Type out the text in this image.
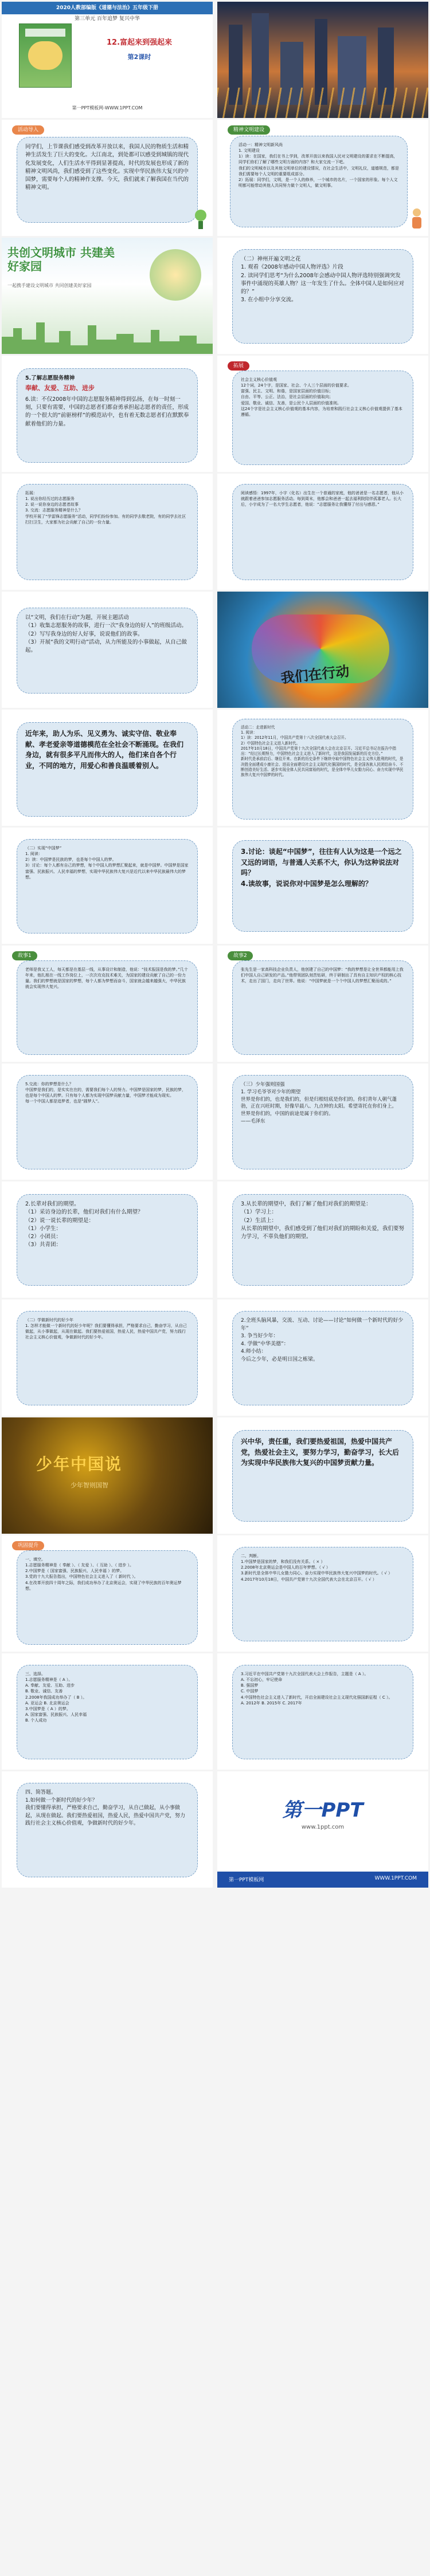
2020人教部编版《道德与法治》五年级下册
第三单元 百年追梦 复兴中华
12.富起来到强起来
第2课时
第一PPT模板网-WWW.1PPT.COM
活动导入
同学们，上节课我们感受到改革开放以来，我国人民的物质生活和精神生活发生了巨大的变化。大江南北，到处都可以感受到城镇的现代化发展变化，人们生活水平得到显著提高，时代的发展也形成了新的精神文明风尚，我们感受到了这些变化。实现中华民族伟大复兴的中国梦，需要每个人的精神作支撑。今天，我们就来了解我国在当代的精神文明。
精神文明建设
活动一：精神文明新风尚
1. 文明建设
1）读：在国家，我们在书上学到，改革开放以来我国人民对文明建设的要求在不断提高，同学们你们了解了哪些文明方面的内容？和大家交流一下吧。
我们的文明城市以及其他文明单位的建设情况，在社会生活中，文明礼仪，道德规范，都是我们需要每个人文明的重要组成部分。
2）拓展：同学们，文明，是一个人的修养，一个城市的名片，一个国家的形象。每个人文明都可能带动其他人共同努力做个文明人，做文明事。
共创文明城市 共建美好家园
一起携手建设文明城市 共同创建美好家园
（二）神州开遍文明之花
1. 观看《2008年感动中国人物评选》片段
2. 读同学们思考“为什么2008年会感动中国人物评选特别强调突发事件中涌现的英雄人物？这一年发生了什么。全体中国人是如何应对的？”
3. 在小组中分享交流。
5.了解志愿服务精神
奉献、友爱、互助、进步
6.读：不仅2008年中国的志愿服务精神得到弘扬，在每一时刻一刻，只要有需要，中国的志愿者们都奋勇承担起志愿者的责任，形成的一个很大的“前驱榜样”的模范站中，也有着无数志愿者们在默默奉献着他们的力量。
拓展
社会主义核心价值观
12个词，24个字，是国家、社会、个人三个层面的价值要求。
富强、民主、文明、和谐，是国家层面的价值目标；
自由、平等、公正、法治，是社会层面的价值取向；
爱国、敬业、诚信、友善，是公民个人层面的价值准则。
这24个字是社会主义核心价值观的基本内容，为培育和践行社会主义核心价值观提供了基本遵循。
拓展：
1. 说出你经历过的志愿服务
2. 说一说你身边的志愿者故事
3. 交流：志愿服务精神是什么？
学校开展了“学雷锋志愿服务”活动，同学们纷纷参加。有的同学去敬老院，有的同学去社区打扫卫生，大家都为社会贡献了自己的一份力量。
阅读感悟：1997年，小宇（化名）出生在一个普通的家庭，他的爸爸是一名志愿者，他从小就跟着爸爸参加志愿服务活动。每到周末，他都会和爸爸一起去福利院陪伴孤寡老人。长大后，小宇成为了一名大学生志愿者，他说：“志愿服务让我懂得了付出与感恩。”
以“文明，我们在行动”为题，开展主题活动
（1）收集志愿服务的故事，进行一次“我身边的好人”的班级活动。
（2）写写我身边的好人好事，说说他们的故事。
（3）开展“我的文明行动”活动，从力所能及的小事做起，从自己做起。
我们在行动
近年来，助人为乐、见义勇为、诚实守信、敬业奉献、孝老爱亲等道德模范在全社会不断涌现。在我们身边，就有很多平凡而伟大的人，他们来自各个行业，不同的地方，用爱心和善良温暖着别人。
活动二：走进新时代
1. 阅读：
1）读：2012年11月，中国共产党第十八次全国代表大会召开。
2）中国特色社会主义进入新时代。
2017年10月18日，中国共产党第十九次全国代表大会在北京召开。习近平总书记在报告中指出：“经过长期努力，中国特色社会主义进入了新时代，这是我国发展新的历史方位。”
新时代是承前启后、继往开来、在新的历史条件下继续夺取中国特色社会主义伟大胜利的时代，是决胜全面建成小康社会、进而全面建设社会主义现代化强国的时代，是全国各族人民团结奋斗、不断创造美好生活、逐步实现全体人民共同富裕的时代，是全体中华儿女勠力同心、奋力实现中华民族伟大复兴中国梦的时代。
（二）实现“中国梦”
1. 阅读：
2）读：中国梦是民族的梦，也是每个中国人的梦。
3）讨论：每个人都有自己的梦想，每个中国人的梦想汇聚起来，就是中国梦。中国梦是国家富强、民族振兴、人民幸福的梦想，实现中华民族伟大复兴是近代以来中华民族最伟大的梦想。
3.讨论：谈起“中国梦”，往往有人认为这是一个远之又远的词语，与普通人关系不大，你认为这种说法对吗？
4.读故事，说说你对中国梦是怎么理解的？
故事1
老师是我又工人，每天都是在基层一线，从事设计和制造，他说：“技术报国是我的梦。”几十年来，他扎根在一线工作岗位上，一次次攻克技术难关，为国家的建设贡献了自己的一份力量。我们的梦想就是国家的梦想，每个人都为梦想而奋斗，国家就会越来越强大，中华民族就会实现伟大复兴。
故事2
张先生是一家高科技企业负责人，他创建了自己的中国梦：“我的梦想是让全世界都能用上我们中国人自己研发的产品。”他带领团队刻苦钻研，终于研制出了具有自主知识产权的核心技术，走出了国门，走向了世界。他说：“中国梦就是一个个中国人的梦想汇聚而成的。”
5.交流：你的梦想是什么？
中国梦是我们的，是实实在在的，需要我们每个人的努力。中国梦是国家的梦，民族的梦，也是每个中国人的梦。只有每个人都为实现中国梦贡献力量，中国梦才能成为现实。
每一个中国人都是追梦者，也是“圆梦人”。
（三）少年强则国强
1. 学习毛爷爷对少年的期望
世界是你们的，也是我们的，但是归根结底是你们的。你们青年人朝气蓬勃，正在兴旺时期，好像早晨八、九点钟的太阳。希望寄托在你们身上。
世界是你们的，中国的前途是属于你们的。
——毛泽东
2.长辈对我们的期望。
（1）采访身边的长辈，他们对我们有什么期望？
（2）说一说长辈的期望是：
（1）小学生：
（2）小团员：
（3）共青团：
3.从长辈的期望中，我们了解了他们对我们的期望是：
（1）学习上：
（2）生活上：
从长辈的期望中，我们感受到了他们对我们的期盼和关爱，我们要努力学习，不辜负他们的期望。
（二）学做新时代的好少年
1. 怎样才能做一个新时代的好少年呢？我们要懂得承担，严格要求自己，勤奋学习，从自己做起，从小事做起，从现在做起。我们要热爱祖国，热爱人民，热爱中国共产党，努力践行社会主义核心价值观，争做新时代的好少年。
2.全班头脑风暴，交流、互动、讨论——讨论“如何做一个新时代的好少年”
3. 争当好少年：
4. 学做“中华美德”：
4.师小结：
今后之少年，必是明日国之栋梁。
少年中国说
少年智则国智
兴中华，责任重，我们要热爱祖国，热爱中国共产党，热爱社会主义，要努力学习，勤奋学习，长大后为实现中华民族伟大复兴的中国梦贡献力量。
巩固提升
一、填空。
1.志愿服务精神是（ 奉献 ）、（ 友爱 ）、（ 互助 ）、（ 进步 ）。
2.中国梦是（ 国家富强、民族振兴、人民幸福 ）的梦。
3.党的十九大报告指出，中国特色社会主义进入了（ 新时代 ）。
4.在改革开放四十周年之际，我们成功举办了北京奥运会，实现了中华民族的百年奥运梦想。
二、判断。
1.中国梦是国家的梦，和我们没有关系。（ × ）
2.2008年北京奥运会是中国人的百年梦想。（ √ ）
3.新时代是全体中华儿女勠力同心、奋力实现中华民族伟大复兴中国梦的时代。（ √ ）
4.2017年10月18日，中国共产党第十九次全国代表大会在北京召开。（ √ ）
三、选择。
1.志愿服务精神是（ A ）。
A. 奉献、友爱、互助、进步
B. 敬业、诚信、友善
2.2008年我国成功举办了（ B ）。
A. 亚运会 B. 北京奥运会
3.中国梦是（ A ）的梦。
A. 国家富强、民族振兴、人民幸福
B. 个人成功
3.习近平在中国共产党第十九次全国代表大会上作报告，主题是（ A ）。
A. 不忘初心，牢记使命
B. 强国梦
C. 中国梦
4.中国特色社会主义进入了新时代，开启全面建设社会主义现代化强国新征程（ C ）。
A. 2012年 B. 2015年 C. 2017年
四、简答题。
1.如何做一个新时代的好少年？
我们要懂得承担，严格要求自己，勤奋学习，从自己做起，从小事做起，从现在做起。我们要热爱祖国，热爱人民，热爱中国共产党，努力践行社会主义核心价值观，争做新时代的好少年。
第一PPT
www.1ppt.com
第一PPT模板网	WWW.1PPT.COM
